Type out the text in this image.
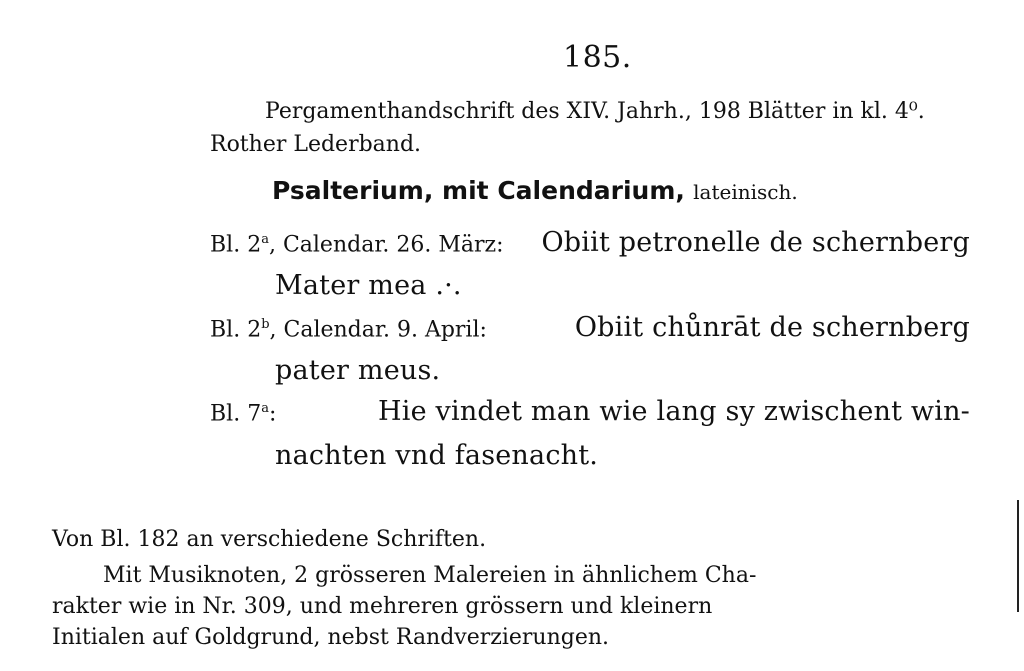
185.
Pergamenthandschrift des XIV. Jahrh., 198 Blätter in kl. 4⁰.
Rother Lederband.
Psalterium, mit Calendarium, lateinisch.
Bl. 2$^a$, Calendar. 26. März: Obiit petronelle de schernberg
Mater mea .·.
Bl. 2$^b$, Calendar. 9. April:	Obiit chůnrāt de schernberg
pater meus.
Bl. 7$^a$:	Hie vindet man wie lang sy zwischent win-
nachten vnd fasenacht.
Von Bl. 182 an verschiedene Schriften.
Mit Musiknoten, 2 grösseren Malereien in ähnlichem Cha-
rakter wie in Nr. 309, und mehreren grössern und kleinern
Initialen auf Goldgrund, nebst Randverzierungen.
